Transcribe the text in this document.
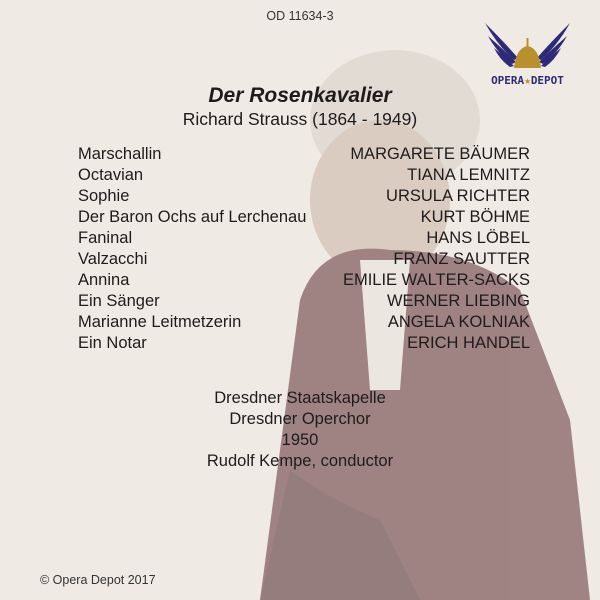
OD 11634-3
OPERA★DEPOT
Der Rosenkavalier
Richard Strauss (1864 - 1949)
Marschallin	MARGARETE BÄUMER
Octavian	TIANA LEMNITZ
Sophie	URSULA RICHTER
Der Baron Ochs auf Lerchenau	KURT BÖHME
Faninal	HANS LÖBEL
Valzacchi	FRANZ SAUTTER
Annina	EMILIE WALTER-SACKS
Ein Sänger	WERNER LIEBING
Marianne Leitmetzerin	ANGELA KOLNIAK
Ein Notar	ERICH HANDEL
Dresdner Staatskapelle
Dresdner Operchor
1950
Rudolf Kempe, conductor
© Opera Depot 2017
